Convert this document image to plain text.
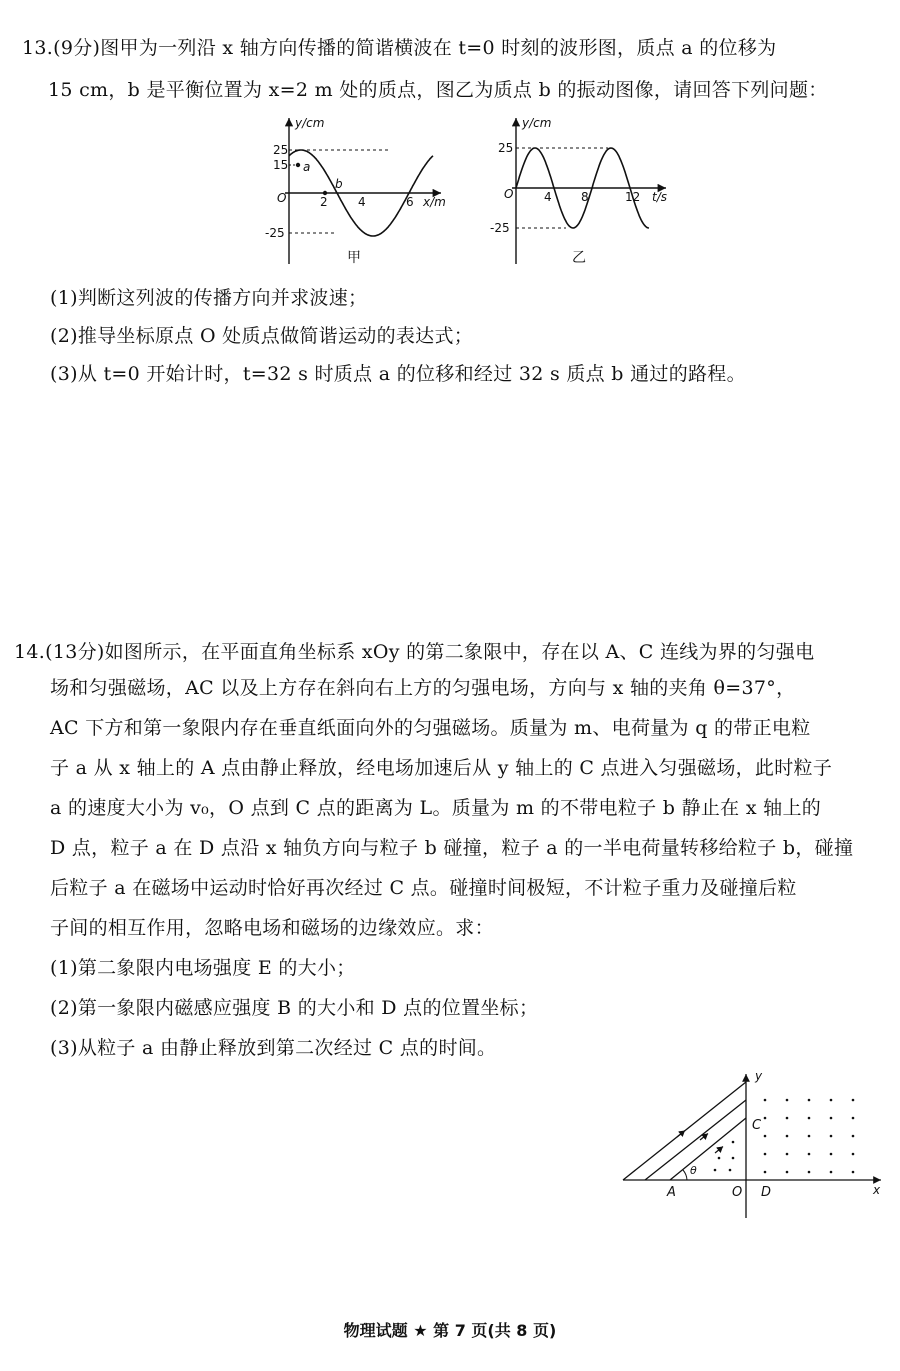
13.(9分)图甲为一列沿 x 轴方向传播的简谐横波在 t=0 时刻的波形图，质点 a 的位移为
15 cm，b 是平衡位置为 x=2 m 处的质点，图乙为质点 b 的振动图像，请回答下列问题：
y/cm
25
15
-25
O
a
b
2	4	6 x/m
甲
y/cm
25
-25
O	4 8	12 t/s
乙
(1)判断这列波的传播方向并求波速；
(2)推导坐标原点 O 处质点做简谐运动的表达式；
(3)从 t=0 开始计时，t=32 s 时质点 a 的位移和经过 32 s 质点 b 通过的路程。
14.(13分)如图所示，在平面直角坐标系 xOy 的第二象限中，存在以 A、C 连线为界的匀强电
场和匀强磁场，AC 以及上方存在斜向右上方的匀强电场，方向与 x 轴的夹角 θ=37°，
AC 下方和第一象限内存在垂直纸面向外的匀强磁场。质量为 m、电荷量为 q 的带正电粒
子 a 从 x 轴上的 A 点由静止释放，经电场加速后从 y 轴上的 C 点进入匀强磁场，此时粒子
a 的速度大小为 v₀，O 点到 C 点的距离为 L。质量为 m 的不带电粒子 b 静止在 x 轴上的
D 点，粒子 a 在 D 点沿 x 轴负方向与粒子 b 碰撞，粒子 a 的一半电荷量转移给粒子 b，碰撞
后粒子 a 在磁场中运动时恰好再次经过 C 点。碰撞时间极短，不计粒子重力及碰撞后粒
子间的相互作用，忽略电场和磁场的边缘效应。求：
(1)第二象限内电场强度 E 的大小；
(2)第一象限内磁感应强度 B 的大小和 D 点的位置坐标；
(3)从粒子 a 由静止释放到第二次经过 C 点的时间。
y
x
C
A	O D
θ
物理试题 ★ 第 7 页(共 8 页)
